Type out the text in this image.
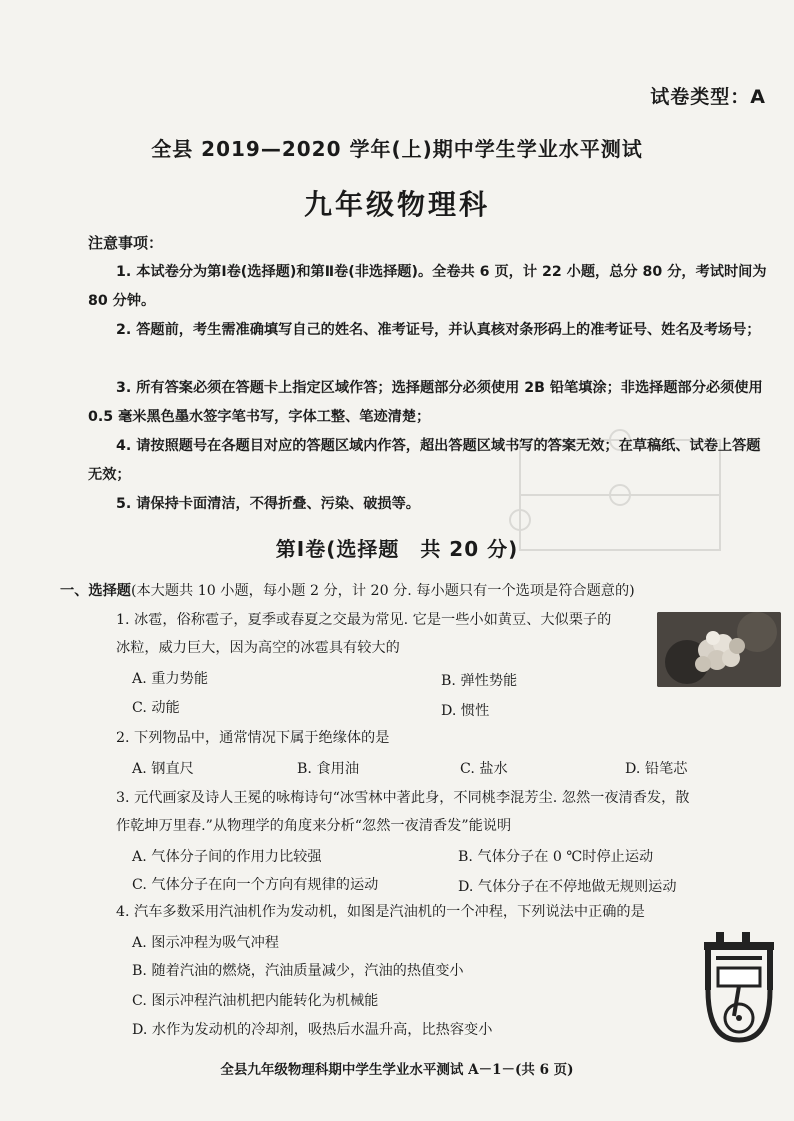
试卷类型：A
全县 2019—2020 学年(上)期中学生学业水平测试
九年级物理科
注意事项：
1. 本试卷分为第Ⅰ卷(选择题)和第Ⅱ卷(非选择题)。全卷共 6 页，计 22 小题，总分 80 分，考试时间为 80 分钟。
2. 答题前，考生需准确填写自己的姓名、准考证号，并认真核对条形码上的准考证号、姓名及考场号；
3. 所有答案必须在答题卡上指定区域作答；选择题部分必须使用 2B 铅笔填涂；非选择题部分必须使用 0.5 毫米黑色墨水签字笔书写，字体工整、笔迹清楚；
4. 请按照题号在各题目对应的答题区域内作答，超出答题区域书写的答案无效；在草稿纸、试卷上答题无效；
5. 请保持卡面清洁，不得折叠、污染、破损等。
第Ⅰ卷(选择题　共 20 分)
一、选择题(本大题共 10 小题，每小题 2 分，计 20 分. 每小题只有一个选项是符合题意的)
1. 冰雹，俗称雹子，夏季或春夏之交最为常见. 它是一些小如黄豆、大似栗子的
冰粒，威力巨大，因为高空的冰雹具有较大的
A. 重力势能	B. 弹性势能
C. 动能	D. 惯性
2. 下列物品中，通常情况下属于绝缘体的是
A. 钢直尺	B. 食用油	C. 盐水	D. 铅笔芯
3. 元代画家及诗人王冕的咏梅诗句“冰雪林中著此身，不同桃李混芳尘. 忽然一夜清香发，散
作乾坤万里春.”从物理学的角度来分析“忽然一夜清香发”能说明
A. 气体分子间的作用力比较强	B. 气体分子在 0 ℃时停止运动
C. 气体分子在向一个方向有规律的运动	D. 气体分子在不停地做无规则运动
4. 汽车多数采用汽油机作为发动机，如图是汽油机的一个冲程，下列说法中正确的是
A. 图示冲程为吸气冲程
B. 随着汽油的燃烧，汽油质量减少，汽油的热值变小
C. 图示冲程汽油机把内能转化为机械能
D. 水作为发动机的冷却剂，吸热后水温升高，比热容变小
全县九年级物理科期中学生学业水平测试 A－1－(共 6 页)
